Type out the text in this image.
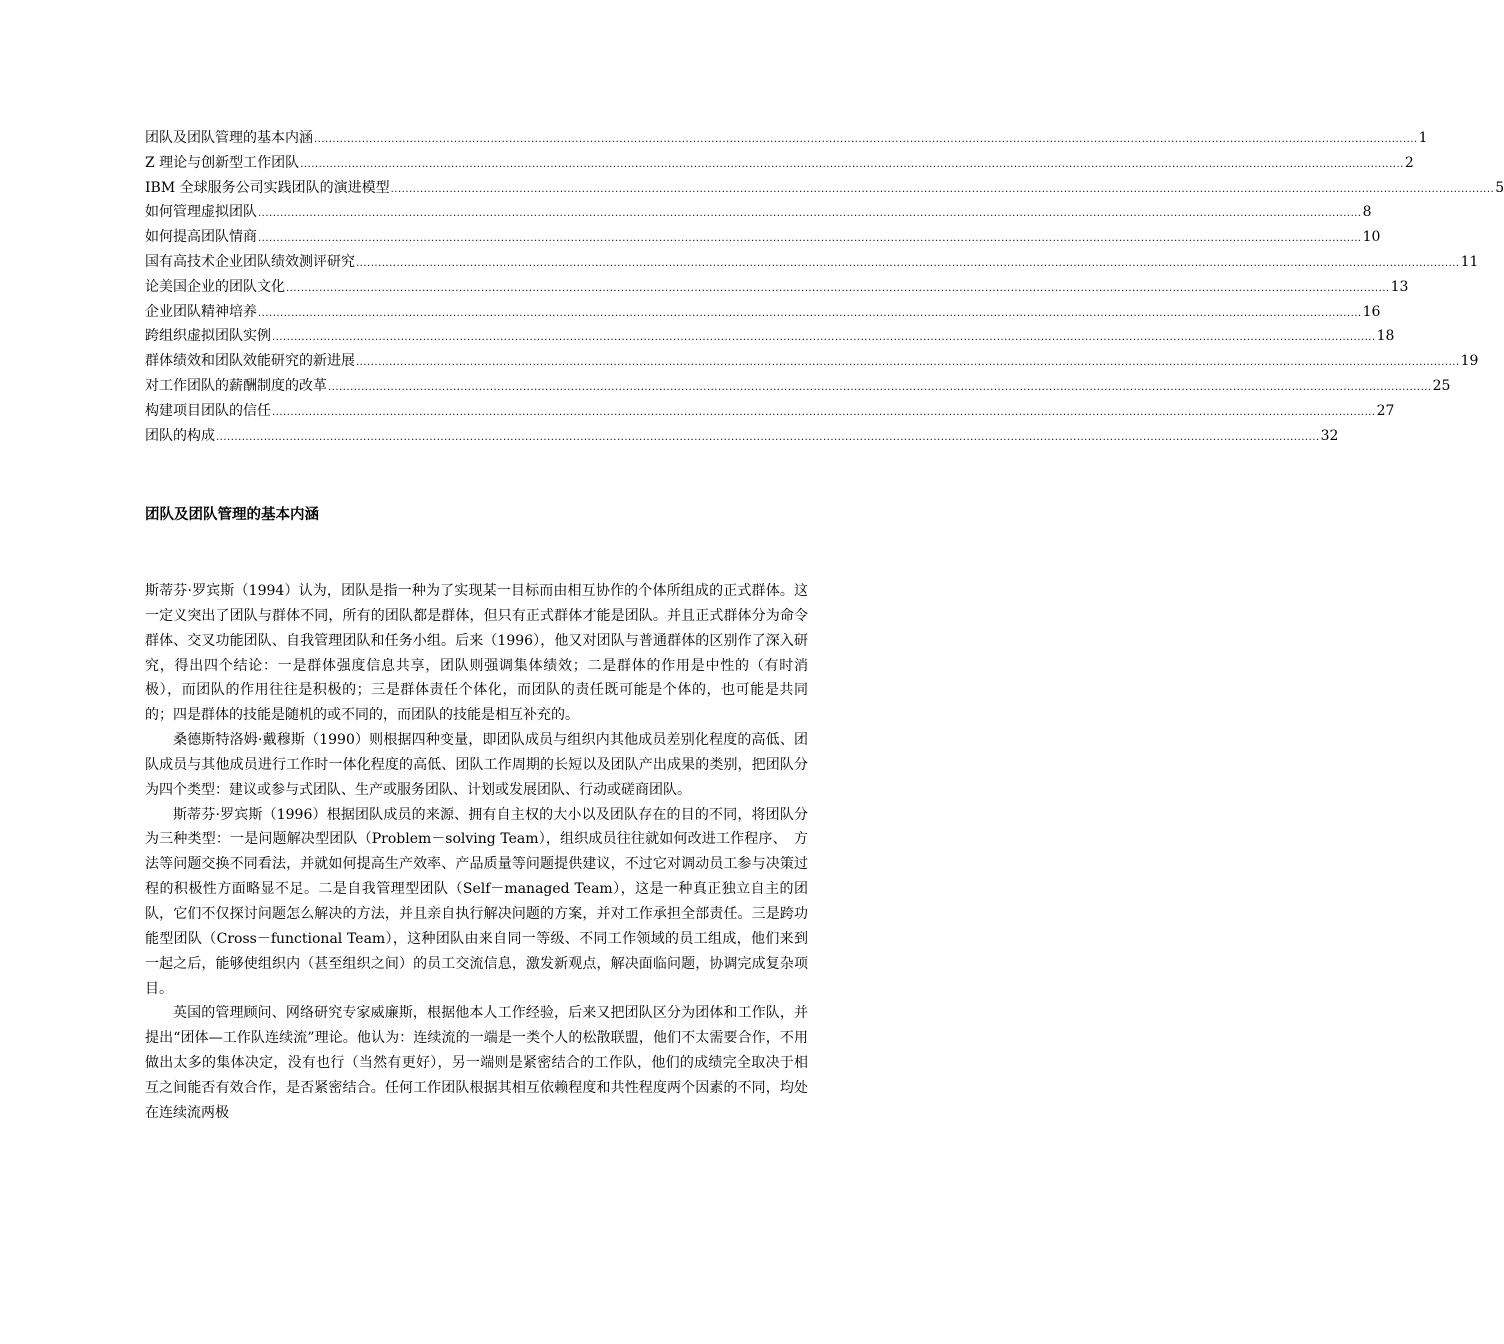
团队及团队管理的基本内涵 ............................................................................................................................................................................................................................................................................................................ 1
Z 理论与创新型工作团队 ............................................................................................................................................................................................................................................................................................................ 2
IBM 全球服务公司实践团队的演进模型 ............................................................................................................................................................................................................................................................................................................ 5
如何管理虚拟团队 ............................................................................................................................................................................................................................................................................................................ 8
如何提高团队情商 ............................................................................................................................................................................................................................................................................................................ 10
国有高技术企业团队绩效测评研究 ............................................................................................................................................................................................................................................................................................................ 11
论美国企业的团队文化 ............................................................................................................................................................................................................................................................................................................ 13
企业团队精神培养 ............................................................................................................................................................................................................................................................................................................ 16
跨组织虚拟团队实例 ............................................................................................................................................................................................................................................................................................................ 18
群体绩效和团队效能研究的新进展 ............................................................................................................................................................................................................................................................................................................ 19
对工作团队的薪酬制度的改革 ............................................................................................................................................................................................................................................................................................................ 25
构建项目团队的信任 ............................................................................................................................................................................................................................................................................................................ 27
团队的构成 ............................................................................................................................................................................................................................................................................................................ 32
团队及团队管理的基本内涵

斯蒂芬·罗宾斯（1994）认为，团队是指一种为了实现某一目标而由相互协作的个体所组成的正式群体。这一定义突出了团队与群体不同，所有的团队都是群体，但只有正式群体才能是团队。并且正式群体分为命令群体、交叉功能团队、自我管理团队和任务小组。后来（1996），他又对团队与普通群体的区别作了深入研究，得出四个结论：一是群体强度信息共享，团队则强调集体绩效；二是群体的作用是中性的（有时消极），而团队的作用往往是积极的；三是群体责任个体化，而团队的责任既可能是个体的，也可能是共同的；四是群体的技能是随机的或不同的，而团队的技能是相互补充的。

桑德斯特洛姆·戴穆斯（1990）则根据四种变量，即团队成员与组织内其他成员差别化程度的高低、团队成员与其他成员进行工作时一体化程度的高低、团队工作周期的长短以及团队产出成果的类别，把团队分为四个类型：建议或参与式团队、生产或服务团队、计划或发展团队、行动或磋商团队。

斯蒂芬·罗宾斯（1996）根据团队成员的来源、拥有自主权的大小以及团队存在的目的不同，将团队分为三种类型：一是问题解决型团队（Problem－solving Team），组织成员往往就如何改进工作程序、　方法等问题交换不同看法，并就如何提高生产效率、产品质量等问题提供建议，不过它对调动员工参与决策过程的积极性方面略显不足。二是自我管理型团队（Self－managed Team），这是一种真正独立自主的团队，它们不仅探讨问题怎么解决的方法，并且亲自执行解决问题的方案，并对工作承担全部责任。三是跨功能型团队（Cross－functional Team），这种团队由来自同一等级、不同工作领域的员工组成，他们来到一起之后，能够使组织内（甚至组织之间）的员工交流信息，激发新观点，解决面临问题，协调完成复杂项目。

英国的管理顾问、网络研究专家威廉斯，根据他本人工作经验，后来又把团队区分为团体和工作队，并提出“团体—工作队连续流”理论。他认为：连续流的一端是一类个人的松散联盟，他们不太需要合作，不用做出太多的集体决定，没有也行（当然有更好），另一端则是紧密结合的工作队，他们的成绩完全取决于相互之间能否有效合作，是否紧密结合。任何工作团队根据其相互依赖程度和共性程度两个因素的不同，均处在连续流两极
